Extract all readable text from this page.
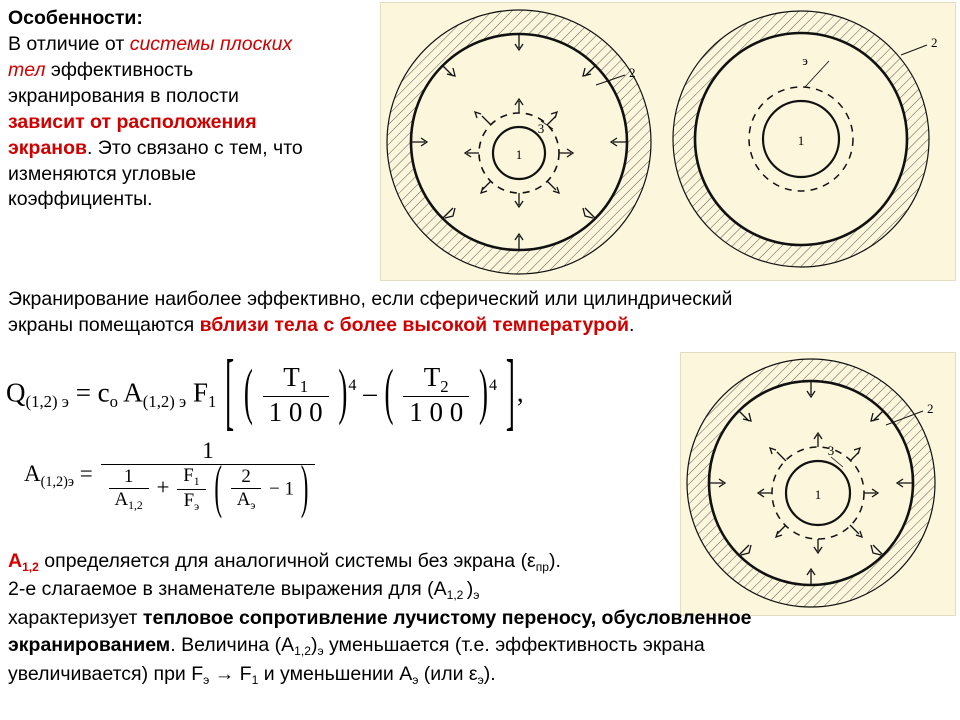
Особенности:
В отличие от системы плоских
тел эффективность
экранирования в полости
зависит от расположения
экранов. Это связано с тем, что
изменяются угловые
коэффициенты.
2
3
1
1
э
2
Экранирование наиболее эффективно, если сферический или цилиндрический
экраны помещаются вблизи тела с более высокой температурой.
$Q_{(1,2) э} = c_o$ $A_{(1,2) э}$ $F_1$ [ ( $\frac{T_1}{1 0 0} )^4$ – ( $\frac{T_2}{1 0 0} )^4$ ],
$A_{(1,2)э}$ =
1
$\frac{1}{A_{1,2}} + \frac{F_1}{F_э}$ ( $\frac{2}{A_э} - 1$ )	1
2
3
$А_{1,2}$ определяется для аналогичной системы без экрана $(\varepsilon_{пр})$.
2-е слагаемое в знаменателе выражения для ($А_{1,2}$ )$_э$
характеризует тепловое сопротивление лучистому переносу, обусловленное
экранированием. Величина $(А_{1,2})_э$ уменьшается (т.е. эффективность экрана
увеличивается) при $F_э \to F_1$ и уменьшении $А_э$ (или $\varepsilon_э$).
